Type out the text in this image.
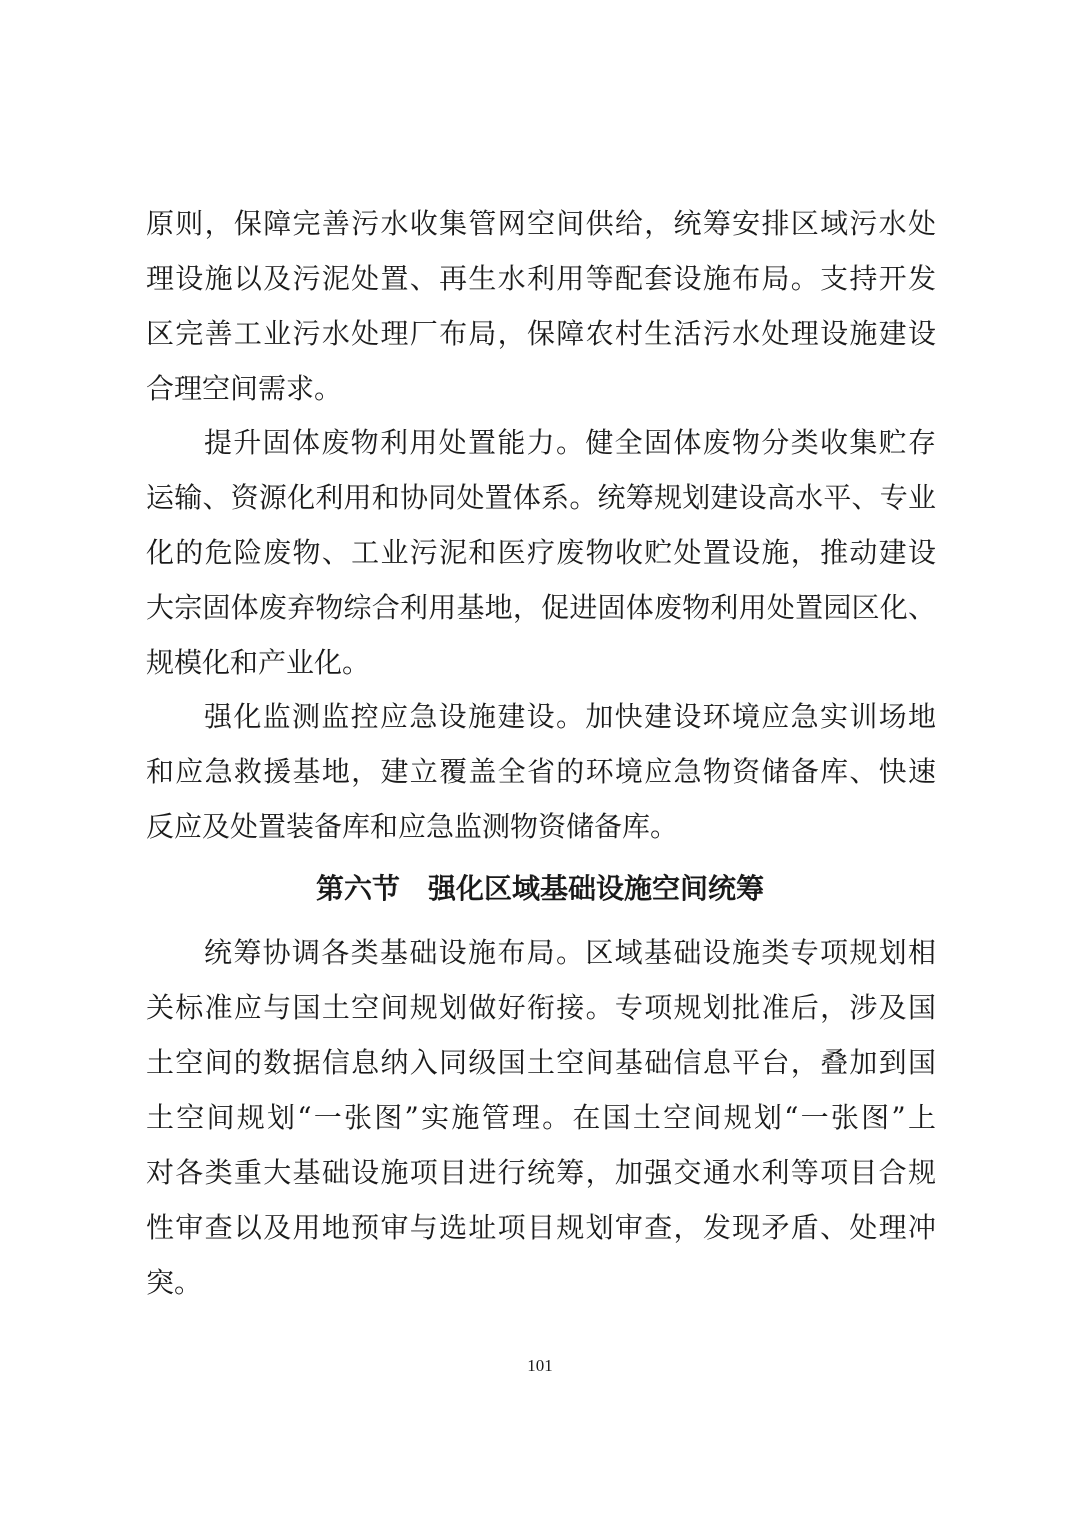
原则，保障完善污水收集管网空间供给，统筹安排区域污水处
理设施以及污泥处置、再生水利用等配套设施布局。支持开发
区完善工业污水处理厂布局，保障农村生活污水处理设施建设
合理空间需求。
提升固体废物利用处置能力。健全固体废物分类收集贮存
运输、资源化利用和协同处置体系。统筹规划建设高水平、专业
化的危险废物、工业污泥和医疗废物收贮处置设施，推动建设
大宗固体废弃物综合利用基地，促进固体废物利用处置园区化、
规模化和产业化。
强化监测监控应急设施建设。加快建设环境应急实训场地
和应急救援基地，建立覆盖全省的环境应急物资储备库、快速
反应及处置装备库和应急监测物资储备库。
第六节　强化区域基础设施空间统筹
统筹协调各类基础设施布局。区域基础设施类专项规划相
关标准应与国土空间规划做好衔接。专项规划批准后，涉及国
土空间的数据信息纳入同级国土空间基础信息平台，叠加到国
土空间规划“一张图”实施管理。在国土空间规划“一张图”上
对各类重大基础设施项目进行统筹，加强交通水利等项目合规
性审查以及用地预审与选址项目规划审查，发现矛盾、处理冲
突。
101
